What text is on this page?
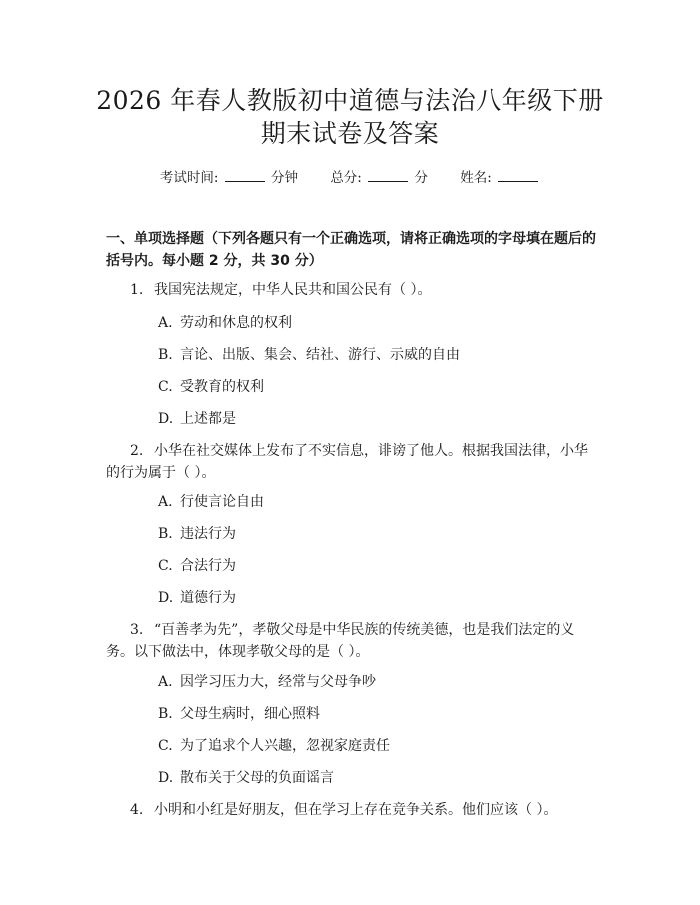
2026 年春人教版初中道德与法治八年级下册
期末试卷及答案
考试时间:	分钟 总分:	分 姓名:

一、单项选择题（下列各题只有一个正确选项，请将正确选项的字母填在题后的括号内。每小题 2 分，共 30 分）

1. 我国宪法规定，中华人民共和国公民有（ ）。

A. 劳动和休息的权利

B. 言论、出版、集会、结社、游行、示威的自由

C. 受教育的权利

D. 上述都是

2. 小华在社交媒体上发布了不实信息，诽谤了他人。根据我国法律，小华的行为属于（ ）。

A. 行使言论自由

B. 违法行为

C. 合法行为

D. 道德行为

3. “百善孝为先”，孝敬父母是中华民族的传统美德，也是我们法定的义务。以下做法中，体现孝敬父母的是（ ）。

A. 因学习压力大，经常与父母争吵

B. 父母生病时，细心照料

C. 为了追求个人兴趣，忽视家庭责任

D. 散布关于父母的负面谣言

4. 小明和小红是好朋友，但在学习上存在竞争关系。他们应该（ ）。
